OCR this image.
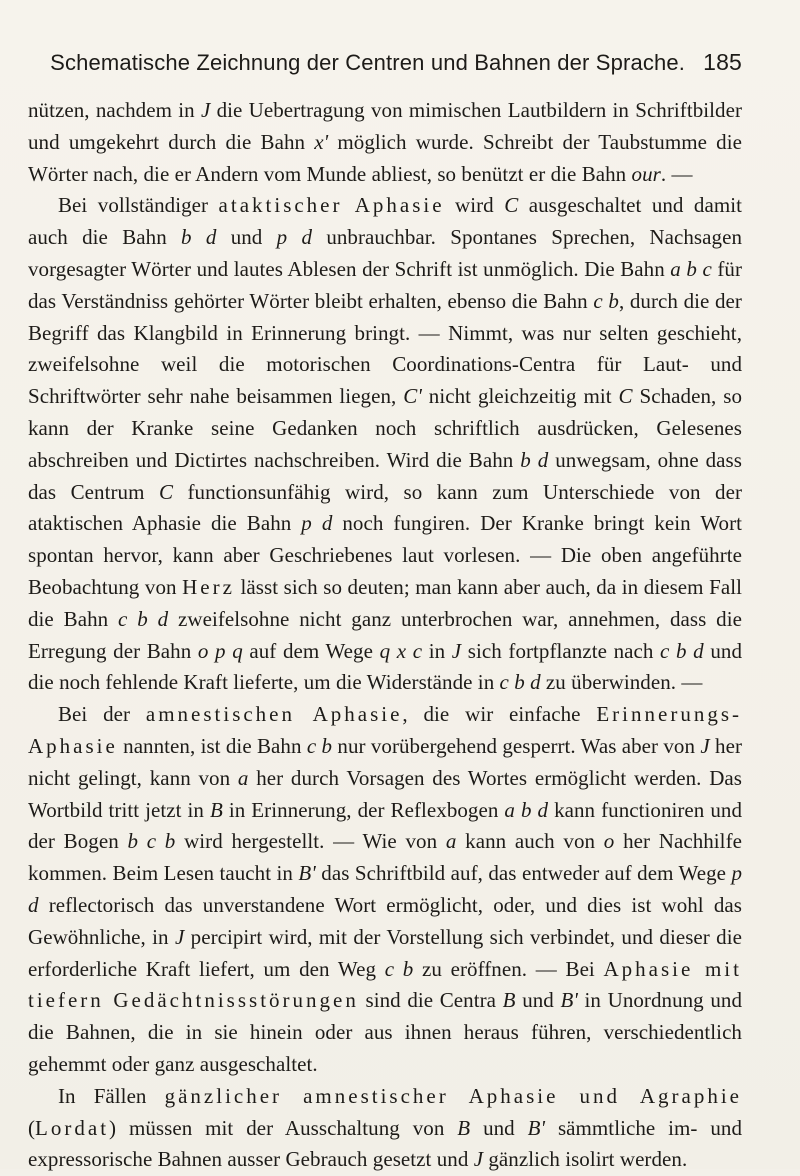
Schematische Zeichnung der Centren und Bahnen der Sprache. 185

nützen, nachdem in J die Uebertragung von mimischen Lautbildern in Schriftbilder und umgekehrt durch die Bahn x' möglich wurde. Schreibt der Taubstumme die Wörter nach, die er Andern vom Munde abliest, so benützt er die Bahn our. —

Bei vollständiger ataktischer Aphasie wird C ausgeschaltet und damit auch die Bahn b d und p d unbrauchbar. Spontanes Sprechen, Nachsagen vorgesagter Wörter und lautes Ablesen der Schrift ist unmöglich. Die Bahn a b c für das Verständniss gehörter Wörter bleibt erhalten, ebenso die Bahn c b, durch die der Begriff das Klangbild in Erinnerung bringt. — Nimmt, was nur selten geschieht, zweifelsohne weil die motorischen Coordinations-Centra für Laut- und Schriftwörter sehr nahe beisammen liegen, C' nicht gleichzeitig mit C Schaden, so kann der Kranke seine Gedanken noch schriftlich ausdrücken, Gelesenes abschreiben und Dictirtes nachschreiben. Wird die Bahn b d unwegsam, ohne dass das Centrum C functionsunfähig wird, so kann zum Unterschiede von der ataktischen Aphasie die Bahn p d noch fungiren. Der Kranke bringt kein Wort spontan hervor, kann aber Geschriebenes laut vorlesen. — Die oben angeführte Beobachtung von Herz lässt sich so deuten; man kann aber auch, da in diesem Fall die Bahn c b d zweifelsohne nicht ganz unterbrochen war, annehmen, dass die Erregung der Bahn o p q auf dem Wege q x c in J sich fortpflanzte nach c b d und die noch fehlende Kraft lieferte, um die Widerstände in c b d zu überwinden. —

Bei der amnestischen Aphasie, die wir einfache Erinnerungs-Aphasie nannten, ist die Bahn c b nur vorübergehend gesperrt. Was aber von J her nicht gelingt, kann von a her durch Vorsagen des Wortes ermöglicht werden. Das Wortbild tritt jetzt in B in Erinnerung, der Reflexbogen a b d kann functioniren und der Bogen b c b wird hergestellt. — Wie von a kann auch von o her Nachhilfe kommen. Beim Lesen taucht in B' das Schriftbild auf, das entweder auf dem Wege p d reflectorisch das unverstandene Wort ermöglicht, oder, und dies ist wohl das Gewöhnliche, in J percipirt wird, mit der Vorstellung sich verbindet, und dieser die erforderliche Kraft liefert, um den Weg c b zu eröffnen. — Bei Aphasie mit tiefern Gedächtnissstörungen sind die Centra B und B' in Unordnung und die Bahnen, die in sie hinein oder aus ihnen heraus führen, verschiedentlich gehemmt oder ganz ausgeschaltet.

In Fällen gänzlicher amnestischer Aphasie und Agraphie (Lordat) müssen mit der Ausschaltung von B und B' sämmtliche im- und expressorische Bahnen ausser Gebrauch gesetzt und J gänzlich isolirt werden.
